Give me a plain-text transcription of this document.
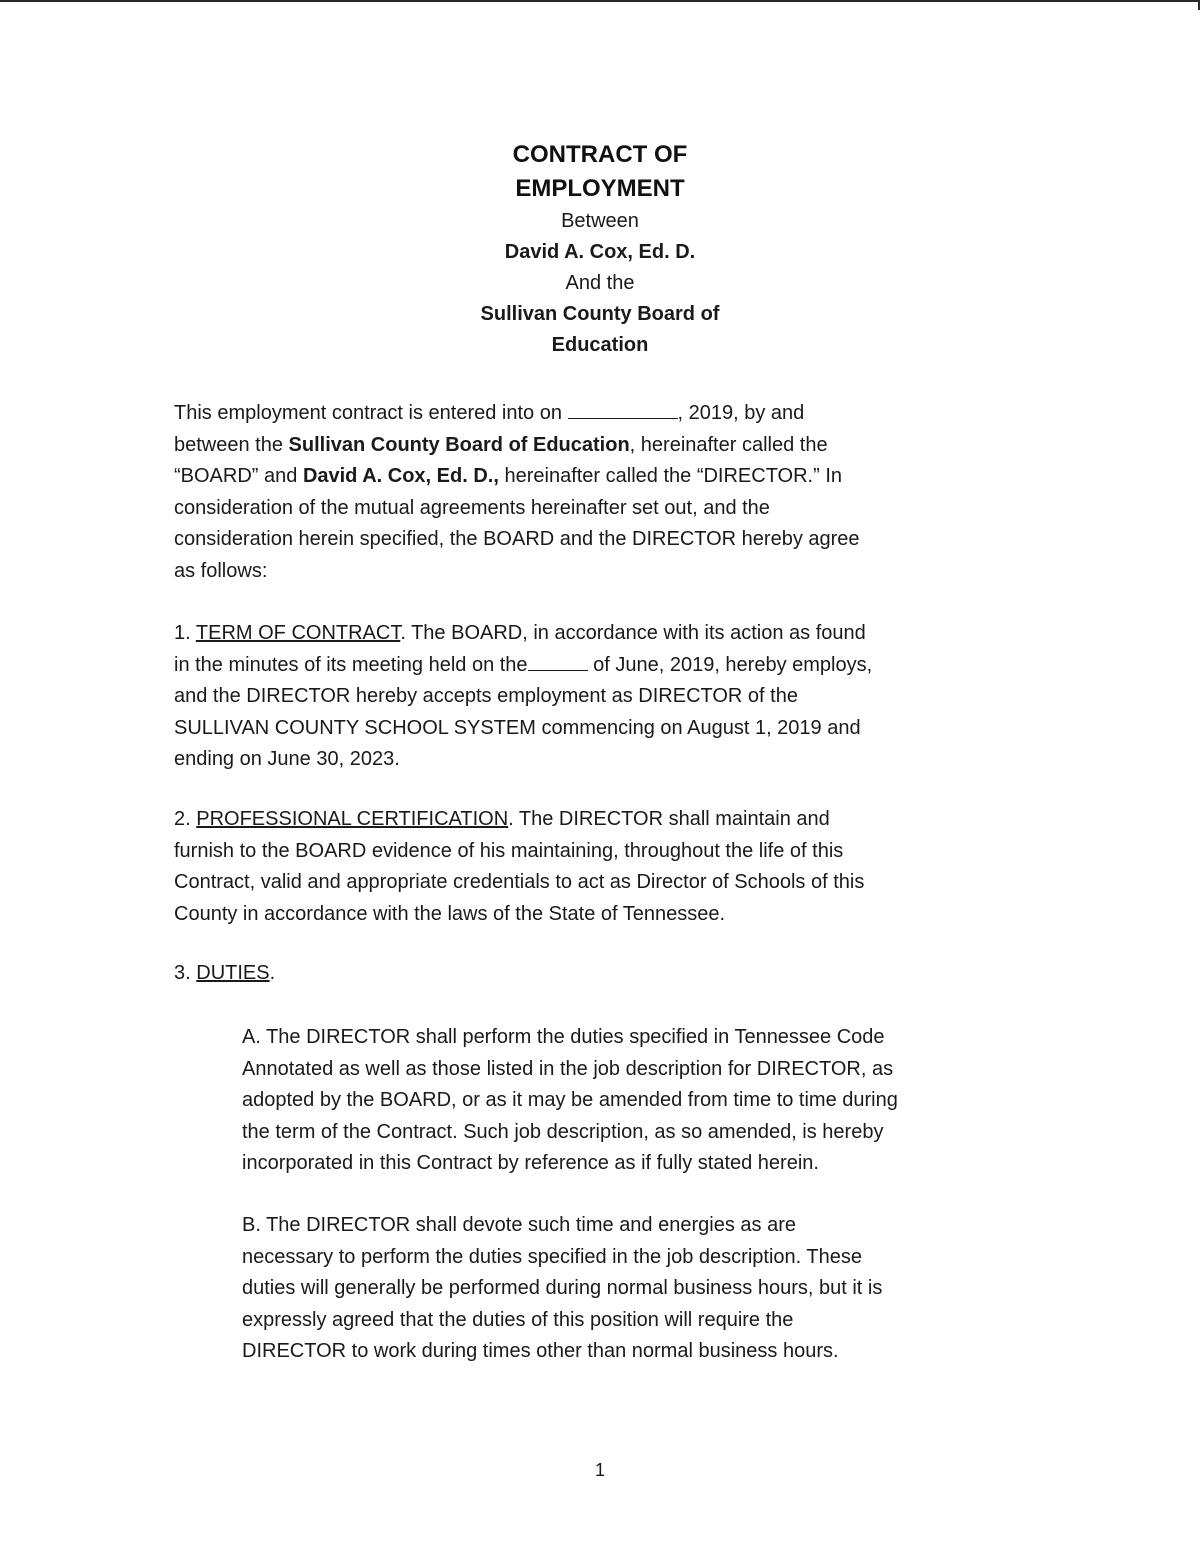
CONTRACT OF
EMPLOYMENT
Between
David A. Cox, Ed. D.
And the
Sullivan County Board of
Education
This employment contract is entered into on	, 2019, by and
between the Sullivan County Board of Education, hereinafter called the
“BOARD” and David A. Cox, Ed. D., hereinafter called the “DIRECTOR.” In
consideration of the mutual agreements hereinafter set out, and the
consideration herein specified, the BOARD and the DIRECTOR hereby agree
as follows:
1. TERM OF CONTRACT. The BOARD, in accordance with its action as found
in the minutes of its meeting held on the	of June, 2019, hereby employs,
and the DIRECTOR hereby accepts employment as DIRECTOR of the
SULLIVAN COUNTY SCHOOL SYSTEM commencing on August 1, 2019 and
ending on June 30, 2023.
2. PROFESSIONAL CERTIFICATION. The DIRECTOR shall maintain and
furnish to the BOARD evidence of his maintaining, throughout the life of this
Contract, valid and appropriate credentials to act as Director of Schools of this
County in accordance with the laws of the State of Tennessee.
3. DUTIES.
A. The DIRECTOR shall perform the duties specified in Tennessee Code
Annotated as well as those listed in the job description for DIRECTOR, as
adopted by the BOARD, or as it may be amended from time to time during
the term of the Contract. Such job description, as so amended, is hereby
incorporated in this Contract by reference as if fully stated herein.
B. The DIRECTOR shall devote such time and energies as are
necessary to perform the duties specified in the job description. These
duties will generally be performed during normal business hours, but it is
expressly agreed that the duties of this position will require the
DIRECTOR to work during times other than normal business hours.
1
